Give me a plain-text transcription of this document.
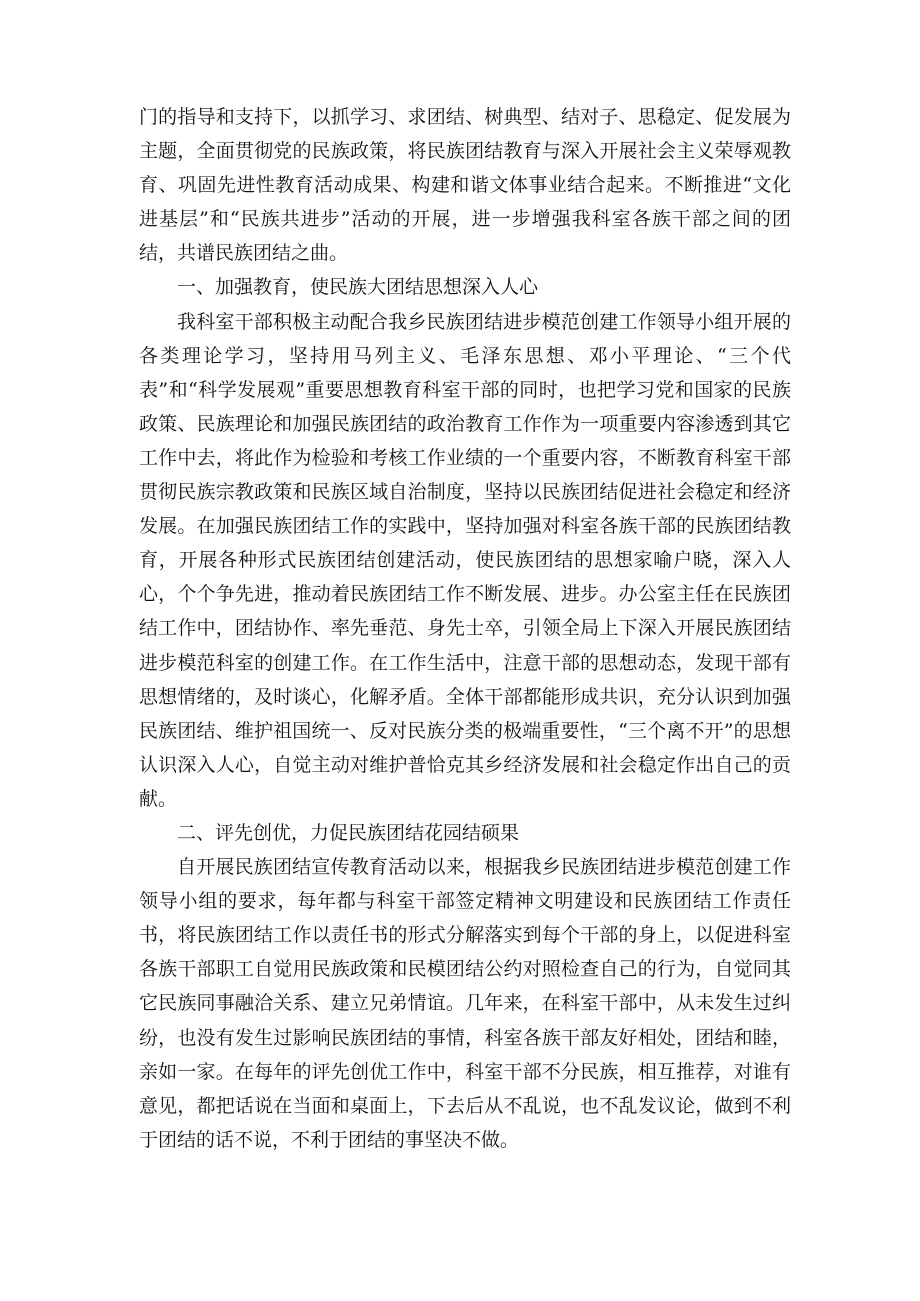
门的指导和支持下，以抓学习、求团结、树典型、结对子、思稳定、促发展为主题，全面贯彻党的民族政策，将民族团结教育与深入开展社会主义荣辱观教育、巩固先进性教育活动成果、构建和谐文体事业结合起来。不断推进“文化进基层”和“民族共进步”活动的开展，进一步增强我科室各族干部之间的团结，共谱民族团结之曲。

一、加强教育，使民族大团结思想深入人心

我科室干部积极主动配合我乡民族团结进步模范创建工作领导小组开展的各类理论学习，坚持用马列主义、毛泽东思想、邓小平理论、“三个代表”和“科学发展观”重要思想教育科室干部的同时，也把学习党和国家的民族政策、民族理论和加强民族团结的政治教育工作作为一项重要内容渗透到其它工作中去，将此作为检验和考核工作业绩的一个重要内容，不断教育科室干部贯彻民族宗教政策和民族区域自治制度，坚持以民族团结促进社会稳定和经济发展。在加强民族团结工作的实践中，坚持加强对科室各族干部的民族团结教育，开展各种形式民族团结创建活动，使民族团结的思想家喻户晓，深入人心，个个争先进，推动着民族团结工作不断发展、进步。办公室主任在民族团结工作中，团结协作、率先垂范、身先士卒，引领全局上下深入开展民族团结进步模范科室的创建工作。在工作生活中，注意干部的思想动态，发现干部有思想情绪的，及时谈心，化解矛盾。全体干部都能形成共识，充分认识到加强民族团结、维护祖国统一、反对民族分类的极端重要性，“三个离不开”的思想认识深入人心，自觉主动对维护普恰克其乡经济发展和社会稳定作出自己的贡献。

二、评先创优，力促民族团结花园结硕果

自开展民族团结宣传教育活动以来，根据我乡民族团结进步模范创建工作领导小组的要求，每年都与科室干部签定精神文明建设和民族团结工作责任书，将民族团结工作以责任书的形式分解落实到每个干部的身上，以促进科室各族干部职工自觉用民族政策和民模团结公约对照检查自己的行为，自觉同其它民族同事融洽关系、建立兄弟情谊。几年来，在科室干部中，从未发生过纠纷，也没有发生过影响民族团结的事情，科室各族干部友好相处，团结和睦，亲如一家。在每年的评先创优工作中，科室干部不分民族，相互推荐，对谁有意见，都把话说在当面和桌面上，下去后从不乱说，也不乱发议论，做到不利于团结的话不说，不利于团结的事坚决不做。
